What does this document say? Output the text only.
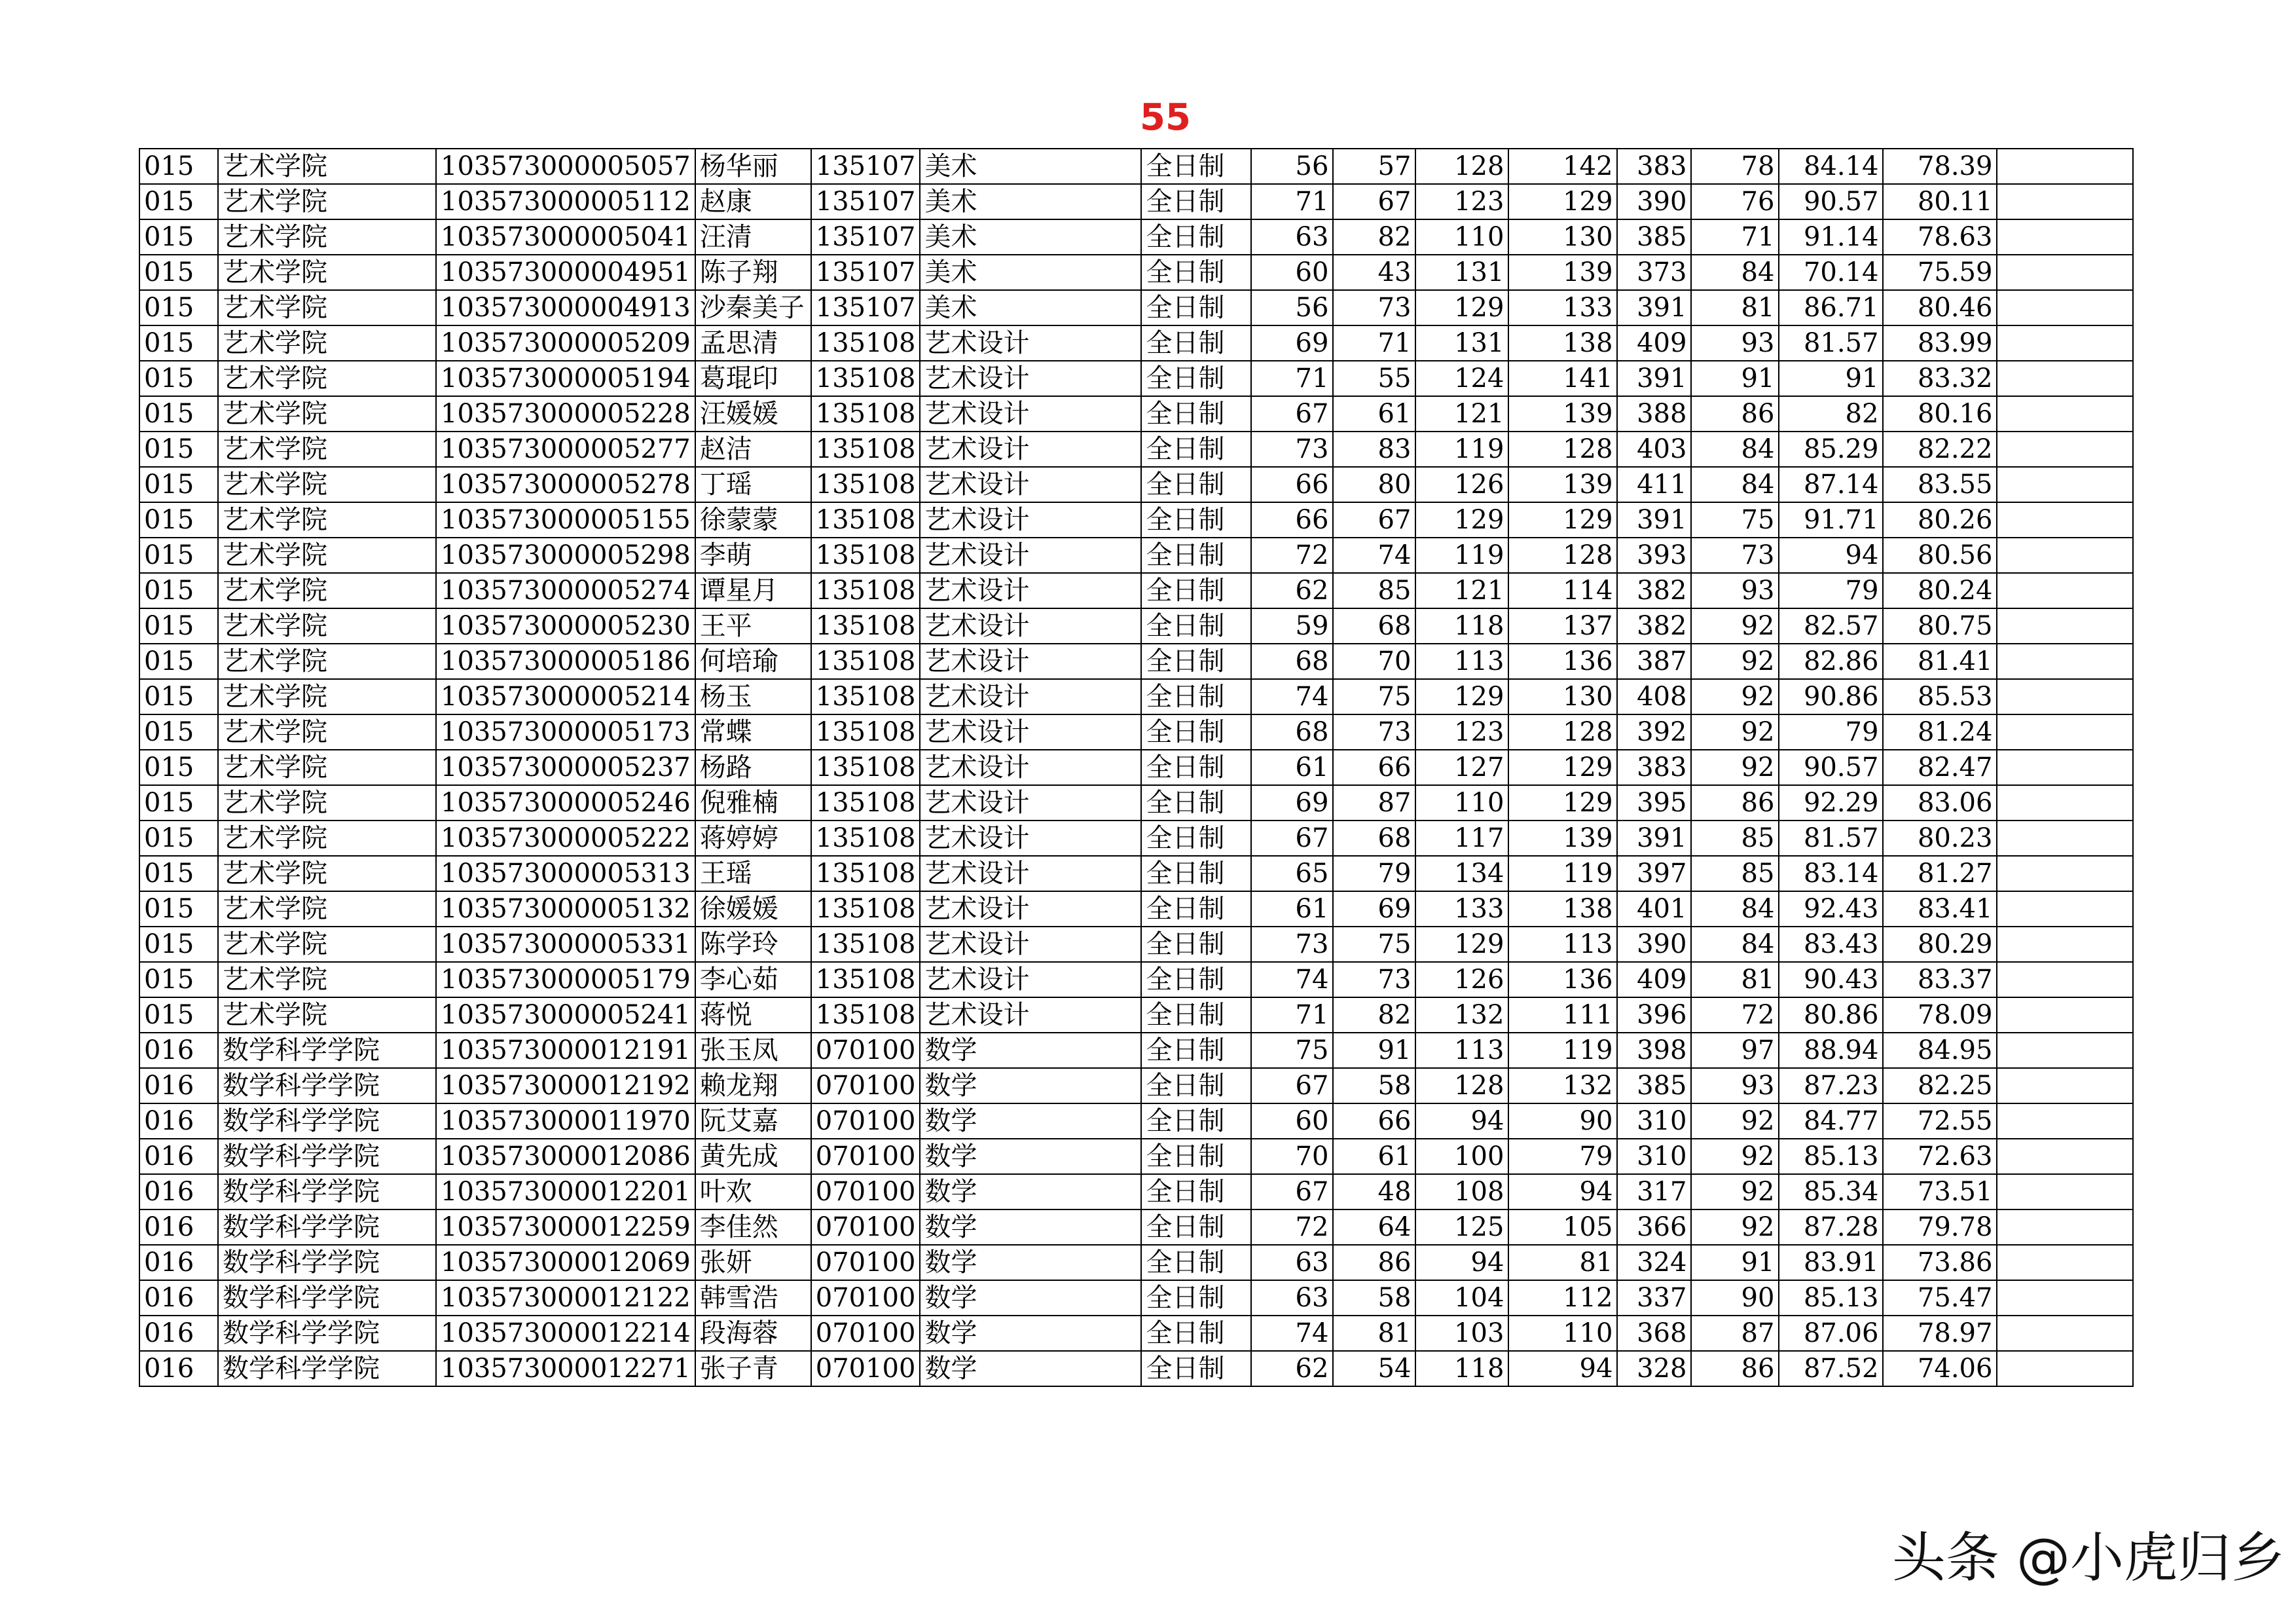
55
015	艺术学院	103573000005057	杨华丽	135107	美术	全日制	56	57	128	142	383	78	84.14	78.39	
015	艺术学院	103573000005112	赵康	135107	美术	全日制	71	67	123	129	390	76	90.57	80.11	
015	艺术学院	103573000005041	汪清	135107	美术	全日制	63	82	110	130	385	71	91.14	78.63	
015	艺术学院	103573000004951	陈子翔	135107	美术	全日制	60	43	131	139	373	84	70.14	75.59	
015	艺术学院	103573000004913	沙秦美子	135107	美术	全日制	56	73	129	133	391	81	86.71	80.46	
015	艺术学院	103573000005209	孟思清	135108	艺术设计	全日制	69	71	131	138	409	93	81.57	83.99	
015	艺术学院	103573000005194	葛琨印	135108	艺术设计	全日制	71	55	124	141	391	91	91	83.32	
015	艺术学院	103573000005228	汪媛媛	135108	艺术设计	全日制	67	61	121	139	388	86	82	80.16	
015	艺术学院	103573000005277	赵洁	135108	艺术设计	全日制	73	83	119	128	403	84	85.29	82.22	
015	艺术学院	103573000005278	丁瑶	135108	艺术设计	全日制	66	80	126	139	411	84	87.14	83.55	
015	艺术学院	103573000005155	徐蒙蒙	135108	艺术设计	全日制	66	67	129	129	391	75	91.71	80.26	
015	艺术学院	103573000005298	李萌	135108	艺术设计	全日制	72	74	119	128	393	73	94	80.56	
015	艺术学院	103573000005274	谭星月	135108	艺术设计	全日制	62	85	121	114	382	93	79	80.24	
015	艺术学院	103573000005230	王平	135108	艺术设计	全日制	59	68	118	137	382	92	82.57	80.75	
015	艺术学院	103573000005186	何培瑜	135108	艺术设计	全日制	68	70	113	136	387	92	82.86	81.41	
015	艺术学院	103573000005214	杨玉	135108	艺术设计	全日制	74	75	129	130	408	92	90.86	85.53	
015	艺术学院	103573000005173	常蝶	135108	艺术设计	全日制	68	73	123	128	392	92	79	81.24	
015	艺术学院	103573000005237	杨路	135108	艺术设计	全日制	61	66	127	129	383	92	90.57	82.47	
015	艺术学院	103573000005246	倪雅楠	135108	艺术设计	全日制	69	87	110	129	395	86	92.29	83.06	
015	艺术学院	103573000005222	蒋婷婷	135108	艺术设计	全日制	67	68	117	139	391	85	81.57	80.23	
015	艺术学院	103573000005313	王瑶	135108	艺术设计	全日制	65	79	134	119	397	85	83.14	81.27	
015	艺术学院	103573000005132	徐媛媛	135108	艺术设计	全日制	61	69	133	138	401	84	92.43	83.41	
015	艺术学院	103573000005331	陈学玲	135108	艺术设计	全日制	73	75	129	113	390	84	83.43	80.29	
015	艺术学院	103573000005179	李心茹	135108	艺术设计	全日制	74	73	126	136	409	81	90.43	83.37	
015	艺术学院	103573000005241	蒋悦	135108	艺术设计	全日制	71	82	132	111	396	72	80.86	78.09	
016	数学科学学院	103573000012191	张玉凤	070100	数学	全日制	75	91	113	119	398	97	88.94	84.95	
016	数学科学学院	103573000012192	赖龙翔	070100	数学	全日制	67	58	128	132	385	93	87.23	82.25	
016	数学科学学院	103573000011970	阮艾嘉	070100	数学	全日制	60	66	94	90	310	92	84.77	72.55	
016	数学科学学院	103573000012086	黄先成	070100	数学	全日制	70	61	100	79	310	92	85.13	72.63	
016	数学科学学院	103573000012201	叶欢	070100	数学	全日制	67	48	108	94	317	92	85.34	73.51	
016	数学科学学院	103573000012259	李佳然	070100	数学	全日制	72	64	125	105	366	92	87.28	79.78	
016	数学科学学院	103573000012069	张妍	070100	数学	全日制	63	86	94	81	324	91	83.91	73.86	
016	数学科学学院	103573000012122	韩雪浩	070100	数学	全日制	63	58	104	112	337	90	85.13	75.47	
016	数学科学学院	103573000012214	段海蓉	070100	数学	全日制	74	81	103	110	368	87	87.06	78.97	
016	数学科学学院	103573000012271	张子青	070100	数学	全日制	62	54	118	94	328	86	87.52	74.06	
头条 @小虎归乡
